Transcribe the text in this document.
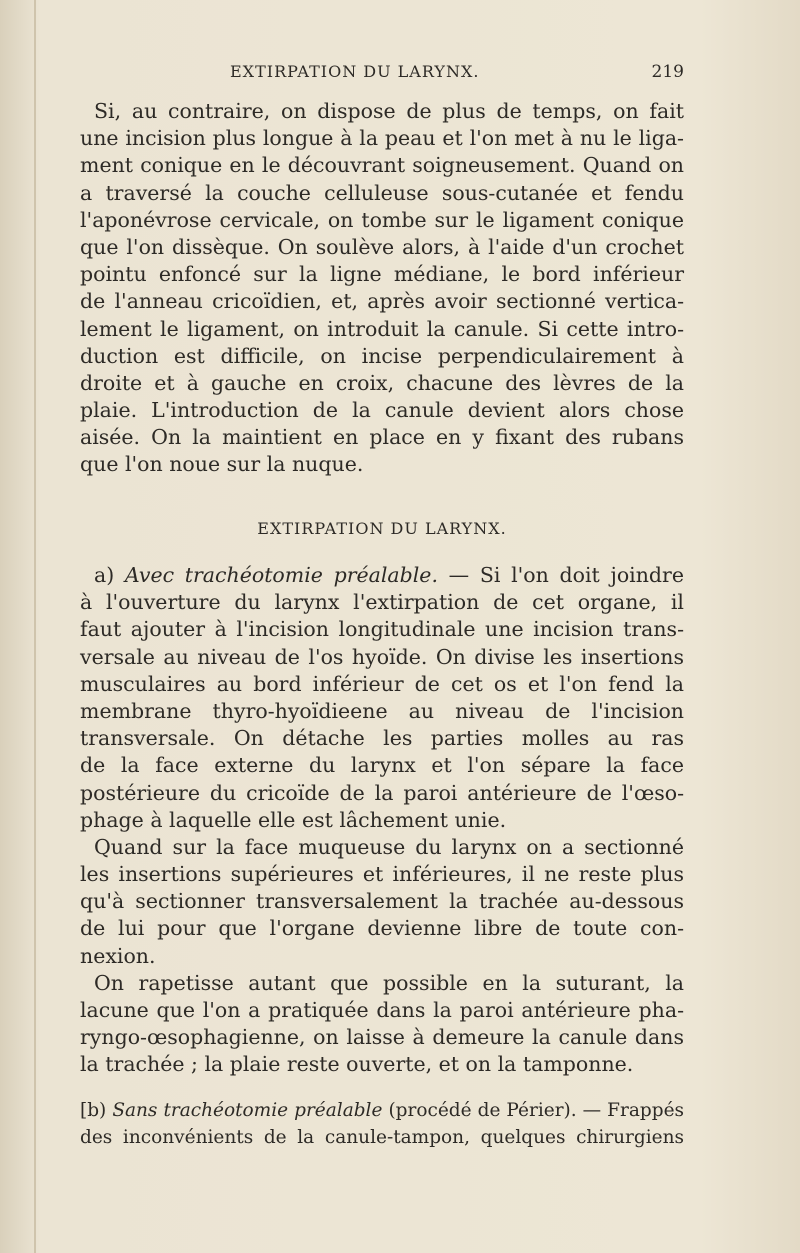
EXTIRPATION DU LARYNX.	219
Si, au contraire, on dispose de plus de temps, on fait
une incision plus longue à la peau et l'on met à nu le liga-
ment conique en le découvrant soigneusement. Quand on
a traversé la couche celluleuse sous-cutanée et fendu
l'aponévrose cervicale, on tombe sur le ligament conique
que l'on dissèque. On soulève alors, à l'aide d'un crochet
pointu enfoncé sur la ligne médiane, le bord inférieur
de l'anneau cricoïdien, et, après avoir sectionné vertica-
lement le ligament, on introduit la canule. Si cette intro-
duction est difficile, on incise perpendiculairement à
droite et à gauche en croix, chacune des lèvres de la
plaie. L'introduction de la canule devient alors chose
aisée. On la maintient en place en y fixant des rubans
que l'on noue sur la nuque.
EXTIRPATION DU LARYNX.
a) Avec trachéotomie préalable. — Si l'on doit joindre
à l'ouverture du larynx l'extirpation de cet organe, il
faut ajouter à l'incision longitudinale une incision trans-
versale au niveau de l'os hyoïde. On divise les insertions
musculaires au bord inférieur de cet os et l'on fend la
membrane thyro-hyoïdieene au niveau de l'incision
transversale. On détache les parties molles au ras
de la face externe du larynx et l'on sépare la face
postérieure du cricoïde de la paroi antérieure de l'œso-
phage à laquelle elle est lâchement unie.
Quand sur la face muqueuse du larynx on a sectionné
les insertions supérieures et inférieures, il ne reste plus
qu'à sectionner transversalement la trachée au-dessous
de lui pour que l'organe devienne libre de toute con-
nexion.
On rapetisse autant que possible en la suturant, la
lacune que l'on a pratiquée dans la paroi antérieure pha-
ryngo-œsophagienne, on laisse à demeure la canule dans
la trachée ; la plaie reste ouverte, et on la tamponne.
[b) Sans trachéotomie préalable (procédé de Périer). — Frappés
des inconvénients de la canule-tampon, quelques chirurgiens
